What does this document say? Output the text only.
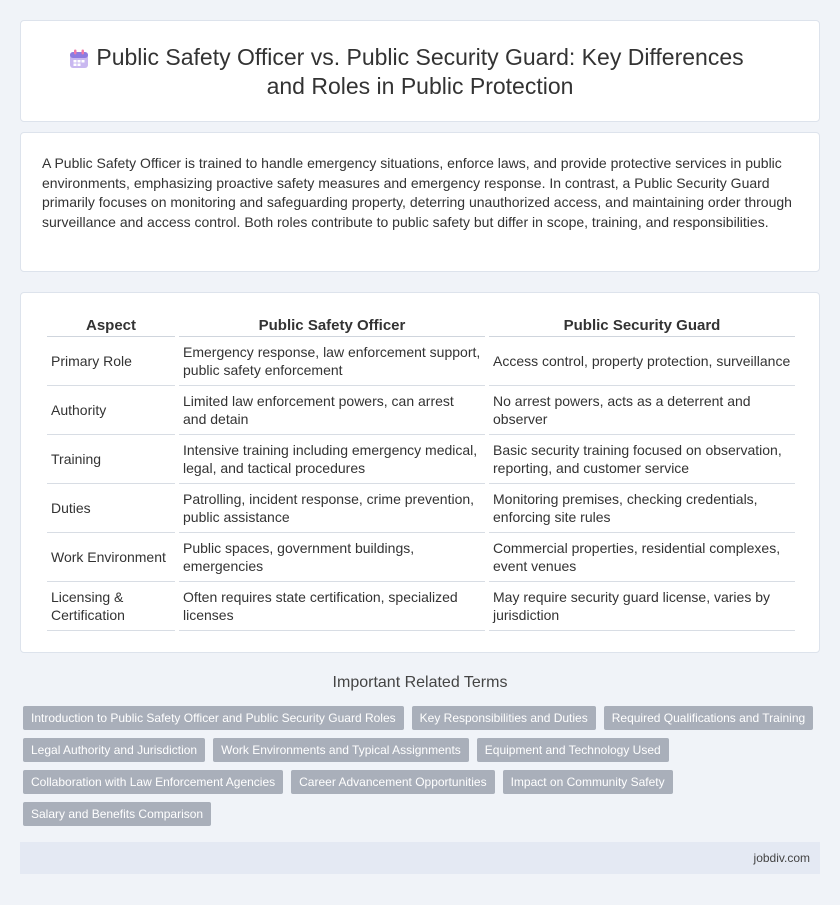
Public Safety Officer vs. Public Security Guard: Key Differences
and Roles in Public Protection

A Public Safety Officer is trained to handle emergency situations, enforce laws, and provide protective services in public environments, emphasizing proactive safety measures and emergency response. In contrast, a Public Security Guard primarily focuses on monitoring and safeguarding property, deterring unauthorized access, and maintaining order through surveillance and access control. Both roles contribute to public safety but differ in scope, training, and responsibilities.

Aspect	Public Safety Officer	Public Security Guard
Primary Role	Emergency response, law enforcement support, public safety enforcement	Access control, property protection, surveillance
Authority	Limited law enforcement powers, can arrest and detain	No arrest powers, acts as a deterrent and observer
Training	Intensive training including emergency medical, legal, and tactical procedures	Basic security training focused on observation, reporting, and customer service
Duties	Patrolling, incident response, crime prevention, public assistance	Monitoring premises, checking credentials, enforcing site rules
Work Environment	Public spaces, government buildings, emergencies	Commercial properties, residential complexes, event venues
Licensing & Certification	Often requires state certification, specialized licenses	May require security guard license, varies by jurisdiction
Important Related Terms
Introduction to Public Safety Officer and Public Security Guard Roles	Key Responsibilities and Duties	Required Qualifications and Training
Legal Authority and Jurisdiction	Work Environments and Typical Assignments	Equipment and Technology Used
Collaboration with Law Enforcement Agencies	Career Advancement Opportunities	Impact on Community Safety
Salary and Benefits Comparison
jobdiv.com
